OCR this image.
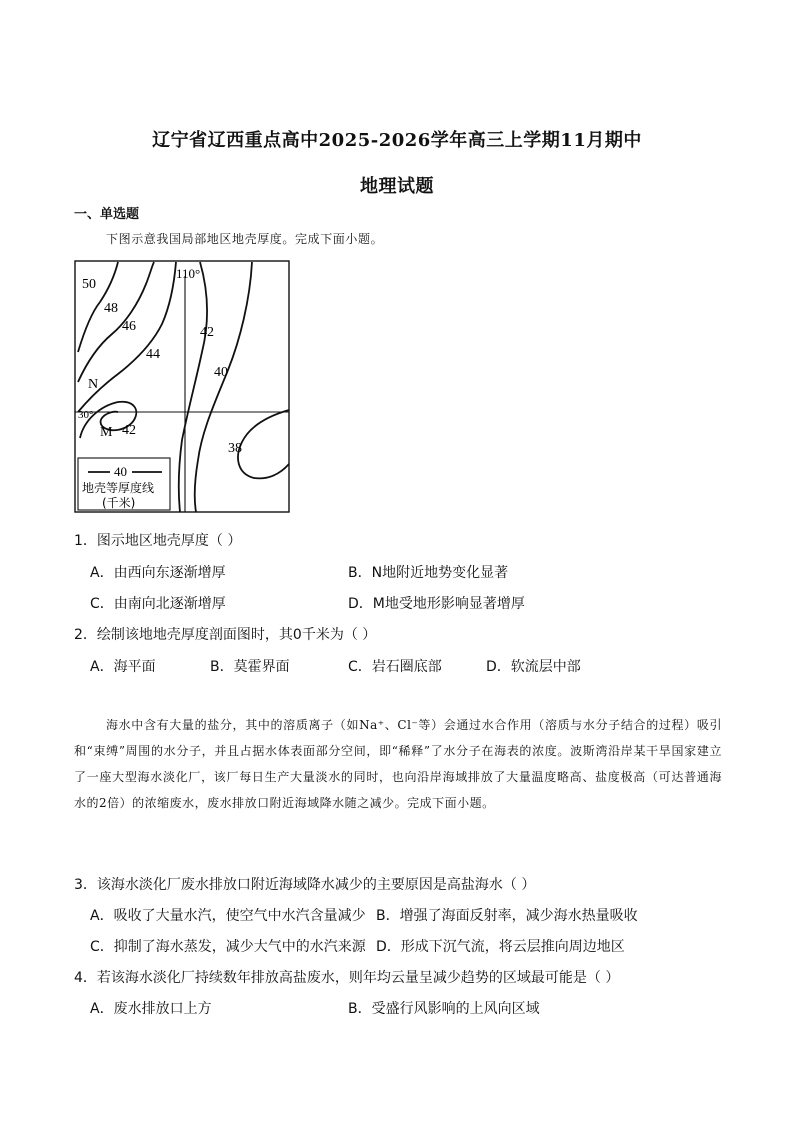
辽宁省辽西重点高中2025-2026学年高三上学期11月期中
地理试题
一、单选题
下图示意我国局部地区地壳厚度。完成下面小题。
50
48
46
44
42
40
38
42
110°
30°
N
M
40
地壳等厚度线
(千米)
1．图示地区地壳厚度（ ）
A．由西向东逐渐增厚	B．N地附近地势变化显著
C．由南向北逐渐增厚	D．M地受地形影响显著增厚
2．绘制该地地壳厚度剖面图时，其0千米为（ ）
A．海平面	B．莫霍界面	C．岩石圈底部	D．软流层中部

海水中含有大量的盐分，其中的溶质离子（如Na⁺、Cl⁻等）会通过水合作用（溶质与水分子结合的过程）吸引和“束缚”周围的水分子，并且占据水体表面部分空间，即“稀释”了水分子在海表的浓度。波斯湾沿岸某干旱国家建立了一座大型海水淡化厂，该厂每日生产大量淡水的同时，也向沿岸海域排放了大量温度略高、盐度极高（可达普通海水的2倍）的浓缩废水，废水排放口附近海域降水随之减少。完成下面小题。

3．该海水淡化厂废水排放口附近海域降水减少的主要原因是高盐海水（ ）
A．吸收了大量水汽，使空气中水汽含量减少 B．增强了海面反射率，减少海水热量吸收
C．抑制了海水蒸发，减少大气中的水汽来源 D．形成下沉气流，将云层推向周边地区
4．若该海水淡化厂持续数年排放高盐废水，则年均云量呈减少趋势的区域最可能是（ ）
A．废水排放口上方	B．受盛行风影响的上风向区域
